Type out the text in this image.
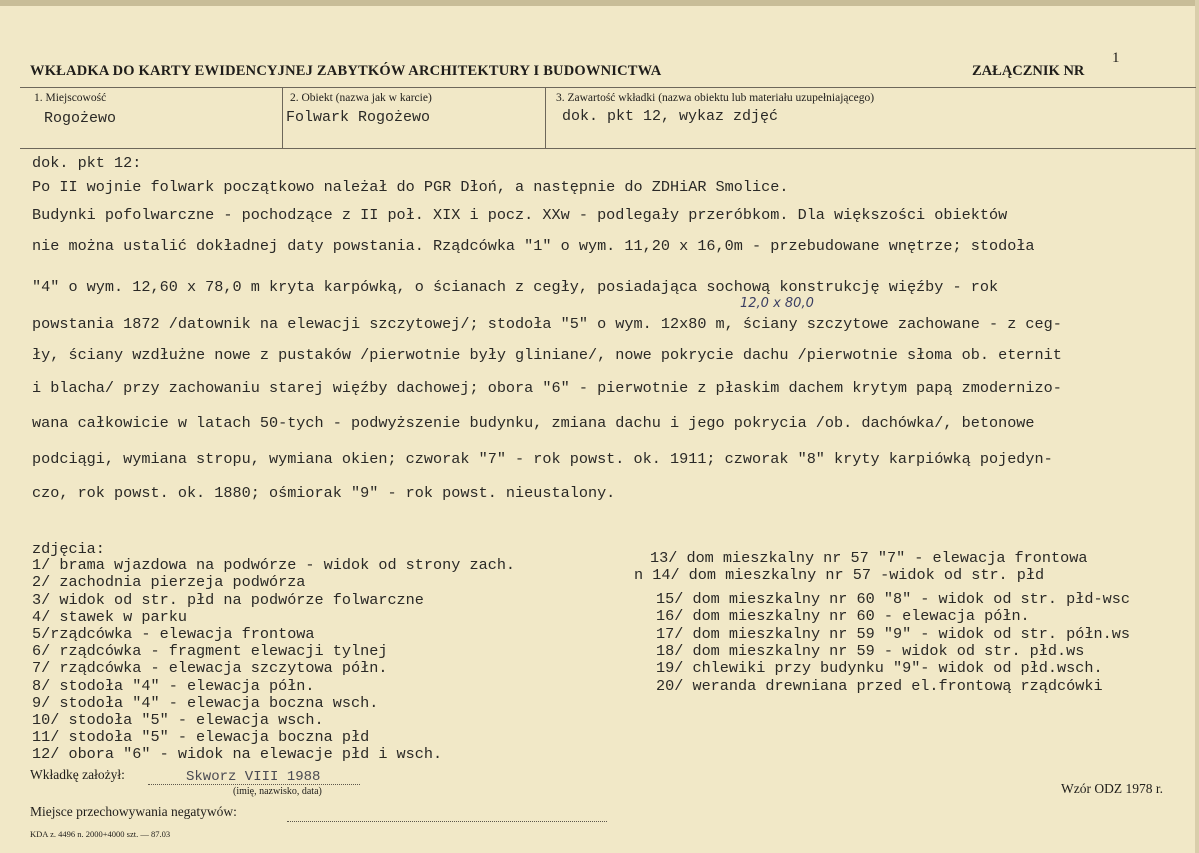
WKŁADKA DO KARTY EWIDENCYJNEJ ZABYTKÓW ARCHITEKTURY I BUDOWNICTWA	ZAŁĄCZNIK NR
1
1. Miejscowość
Rogożewo
2. Obiekt (nazwa jak w karcie)
Folwark Rogożewo
3. Zawartość wkładki (nazwa obiektu lub materiału uzupełniającego)
dok. pkt 12, wykaz zdjęć
dok. pkt 12:
Po II wojnie folwark początkowo należał do PGR Dłoń, a następnie do ZDHiAR Smolice.
Budynki pofolwarczne - pochodzące z II poł. XIX i pocz. XXw - podlegały przeróbkom. Dla większości obiektów
nie można ustalić dokładnej daty powstania. Rządcówka "1" o wym. 11,20 x 16,0m - przebudowane wnętrze; stodoła
"4" o wym. 12,60 x 78,0 m kryta karpówką, o ścianach z cegły, posiadająca sochową konstrukcję więźby - rok
powstania 1872 /datownik na elewacji szczytowej/; stodoła "5" o wym. 12x80 m, ściany szczytowe zachowane - z ceg-
ły, ściany wzdłużne nowe z pustaków /pierwotnie były gliniane/, nowe pokrycie dachu /pierwotnie słoma ob. eternit
i blacha/ przy zachowaniu starej więźby dachowej; obora "6" - pierwotnie z płaskim dachem krytym papą zmodernizo-
wana całkowicie w latach 50-tych - podwyższenie budynku, zmiana dachu i jego pokrycia /ob. dachówka/, betonowe
podciągi, wymiana stropu, wymiana okien; czworak "7" - rok powst. ok. 1911; czworak "8" kryty karpiówką pojedyn-
czo, rok powst. ok. 1880; ośmiorak "9" - rok powst. nieustalony.
12,0 x 80,0
zdjęcia:
1/ brama wjazdowa na podwórze - widok od strony zach.
2/ zachodnia pierzeja podwórza
3/ widok od str. płd na podwórze folwarczne
4/ stawek w parku
5/rządcówka - elewacja frontowa
6/ rządcówka - fragment elewacji tylnej
7/ rządcówka - elewacja szczytowa półn.
8/ stodoła "4" - elewacja półn.
9/ stodoła "4" - elewacja boczna wsch.
10/ stodoła "5" - elewacja wsch.
11/ stodoła "5" - elewacja boczna płd
12/ obora "6" - widok na elewacje płd i wsch.
13/ dom mieszkalny nr 57 "7" - elewacja frontowa
n 14/ dom mieszkalny nr 57 -widok od str. płd
15/ dom mieszkalny nr 60 "8" - widok od str. płd-wsc
16/ dom mieszkalny nr 60 - elewacja półn.
17/ dom mieszkalny nr 59 "9" - widok od str. półn.ws
18/ dom mieszkalny nr 59 - widok od str. płd.ws
19/ chlewiki przy budynku "9"- widok od płd.wsch.
20/ weranda drewniana przed el.frontową rządcówki
Wkładkę założył:	Skworz VIII 1988
(imię, nazwisko, data)	Wzór ODZ 1978 r.
Miejsce przechowywania negatywów:
KDA z. 4496 n. 2000+4000 szt. — 87.03
